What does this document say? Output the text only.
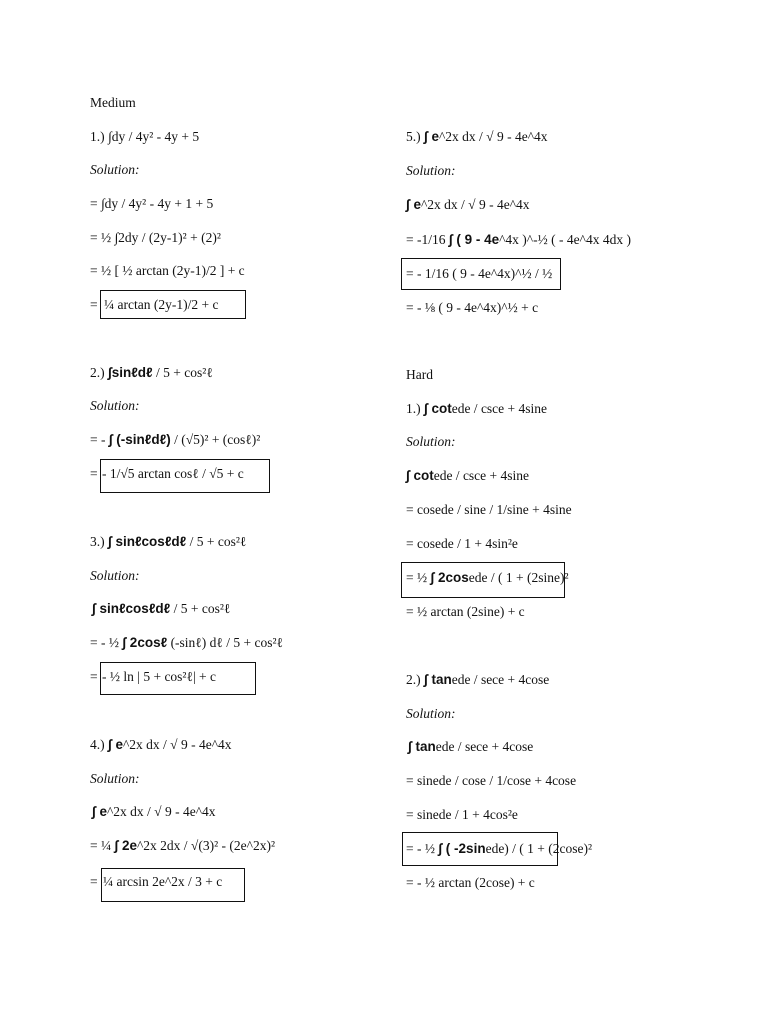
Medium
1.) ∫dy / 4y² - 4y + 5
Solution:
= ∫dy / 4y² - 4y + 1 + 5
= ½ ∫2dy / (2y-1)² + (2)²
= ½ [ ½ arctan (2y-1)/2 ] + c
= ¼ arctan (2y-1)/2 + c
2.) ∫sinℓdℓ / 5 + cos²ℓ
Solution:
= - ∫ (-sinℓdℓ) / (√5)² + (cosℓ)²
= - 1/√5 arctan cosℓ / √5 + c
3.) ∫ sinℓcosℓdℓ / 5 + cos²ℓ
Solution:
∫ sinℓcosℓdℓ / 5 + cos²ℓ
= - ½ ∫ 2cosℓ (-sinℓ) dℓ / 5 + cos²ℓ
= - ½ ln | 5 + cos²ℓ| + c
4.) ∫ e^2x dx / √ 9 - 4e^4x
Solution:
∫ e^2x dx / √ 9 - 4e^4x
= ¼ ∫ 2e^2x 2dx / √(3)² - (2e^2x)²
= ¼ arcsin 2e^2x / 3 + c
5.) ∫ e^2x dx / √ 9 - 4e^4x
Solution:
∫ e^2x dx / √ 9 - 4e^4x
= -1/16 ∫ ( 9 - 4e^4x )^-½ ( - 4e^4x 4dx )
= - 1/16 ( 9 - 4e^4x)^½ / ½
= - ⅛ ( 9 - 4e^4x)^½ + c
Hard
1.) ∫ cotede / csce + 4sine
Solution:
∫ cotede / csce + 4sine
= cosede / sine / 1/sine + 4sine
= cosede / 1 + 4sin²e
= ½ ∫ 2cosede / ( 1 + (2sine)²
= ½ arctan (2sine) + c
2.) ∫ tanede / sece + 4cose
Solution:
∫ tanede / sece + 4cose
= sinede / cose / 1/cose + 4cose
= sinede / 1 + 4cos²e
= - ½ ∫ ( -2sinede) / ( 1 + (2cose)²
= - ½ arctan (2cose) + c
